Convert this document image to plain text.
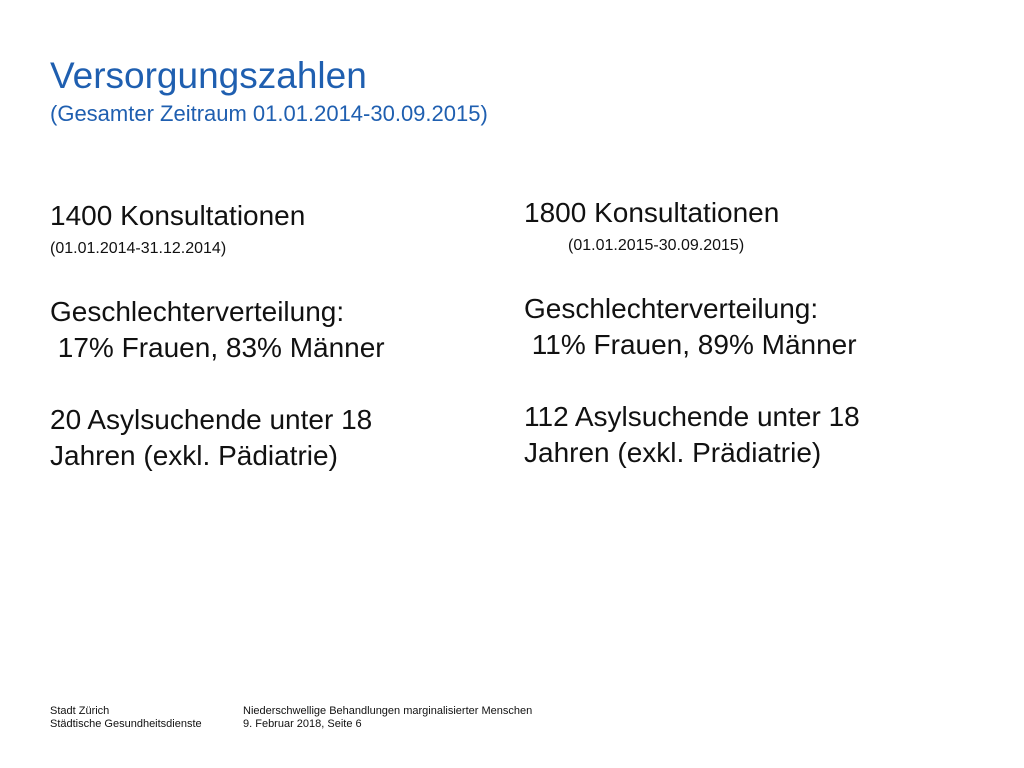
Versorgungszahlen
(Gesamter Zeitraum 01.01.2014-30.09.2015)
1400 Konsultationen
(01.01.2014-31.12.2014)
Geschlechterverteilung:
17% Frauen, 83% Männer
20 Asylsuchende unter 18
Jahren (exkl. Pädiatrie)
1800 Konsultationen
(01.01.2015-30.09.2015)
Geschlechterverteilung:
11% Frauen, 89% Männer
112 Asylsuchende unter 18
Jahren (exkl. Prädiatrie)
Stadt Zürich
Städtische Gesundheitsdienste
Niederschwellige Behandlungen marginalisierter Menschen
9. Februar 2018, Seite 6
